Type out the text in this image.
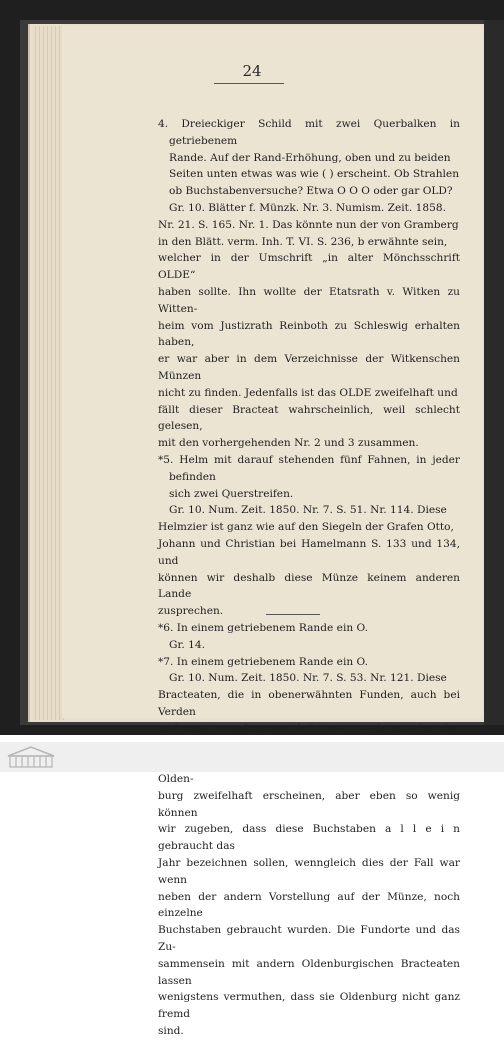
24
4. Dreieckiger Schild mit zwei Querbalken in getriebenem
Rande. Auf der Rand-Erhöhung, oben und zu beiden
Seiten unten etwas was wie ( ) erscheint. Ob Strahlen
ob Buchstabenversuche? Etwa O O O oder gar OLD?
Gr. 10. Blätter f. Münzk. Nr. 3. Numism. Zeit. 1858.
Nr. 21. S. 165. Nr. 1. Das könnte nun der von Gramberg
in den Blätt. verm. Inh. T. VI. S. 236, b erwähnte sein,
welcher in der Umschrift „in alter Mönchsschrift OLDE“
haben sollte. Ihn wollte der Etatsrath v. Witken zu Witten-
heim vom Justizrath Reinboth zu Schleswig erhalten haben,
er war aber in dem Verzeichnisse der Witkenschen Münzen
nicht zu finden. Jedenfalls ist das OLDE zweifelhaft und
fällt dieser Bracteat wahrscheinlich, weil schlecht gelesen,
mit den vorhergehenden Nr. 2 und 3 zusammen.
*5. Helm mit darauf stehenden fünf Fahnen, in jeder befinden
sich zwei Querstreifen.
Gr. 10. Num. Zeit. 1850. Nr. 7. S. 51. Nr. 114. Diese
Helmzier ist ganz wie auf den Siegeln der Grafen Otto,
Johann und Christian bei Hamelmann S. 133 und 134, und
können wir deshalb diese Münze keinem anderen Lande
zusprechen.
*6. In einem getriebenem Rande ein O.
Gr. 14.
*7. In einem getriebenem Rande ein O.
Gr. 10. Num. Zeit. 1850. Nr. 7. S. 53. Nr. 121. Diese
Bracteaten, die in obenerwähnten Funden, auch bei Verden
und sonst vorgekommen, k ö n n e n — da man fast das
Olden-
burg zweifelhaft erscheinen, aber eben so wenig können
wir zugeben, dass diese Buchstaben a l l e i n gebraucht das
Jahr bezeichnen sollen, wenngleich dies der Fall war wenn
neben der andern Vorstellung auf der Münze, noch einzelne
Buchstaben gebraucht wurden. Die Fundorte und das Zu-
sammensein mit andern Oldenburgischen Bracteaten lassen
wenigstens vermuthen, dass sie Oldenburg nicht ganz fremd
sind.
